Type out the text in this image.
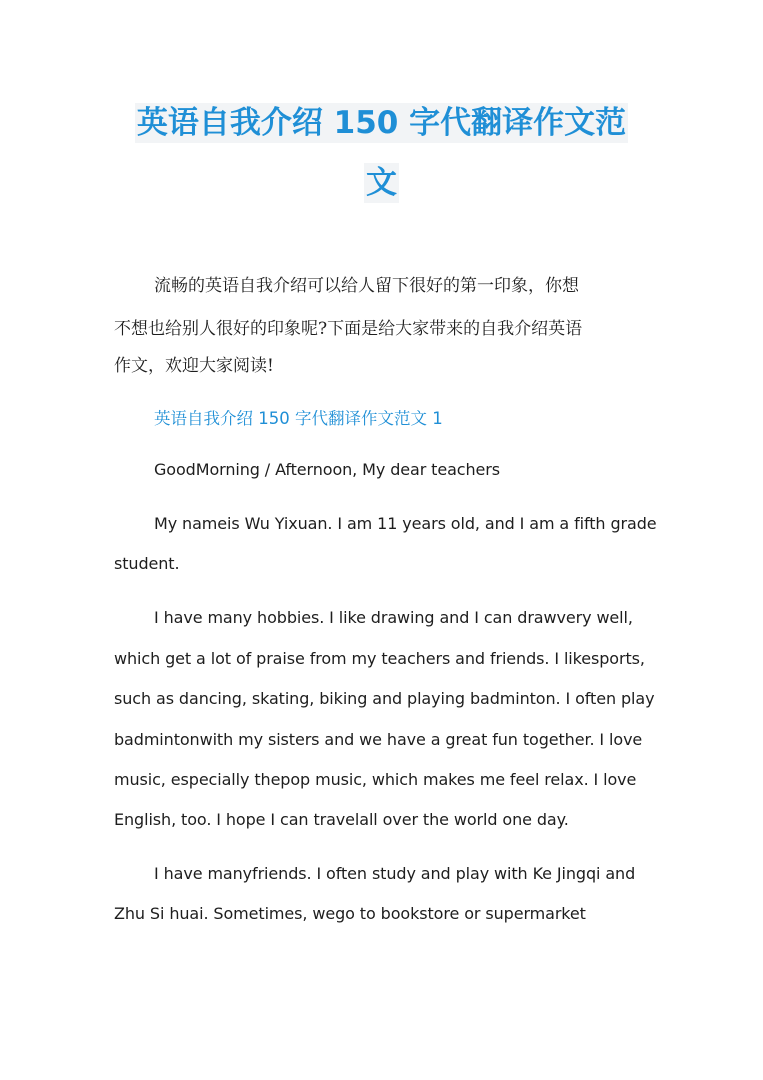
英语自我介绍 150 字代翻译作文范
文
流畅的英语自我介绍可以给人留下很好的第一印象，你想
不想也给别人很好的印象呢?下面是给大家带来的自我介绍英语
作文，欢迎大家阅读!
英语自我介绍 150 字代翻译作文范文 1
GoodMorning / Afternoon, My dear teachers
My nameis Wu Yixuan. I am 11 years old, and I am a fifth grade
student.
I have many hobbies. I like drawing and I can drawvery well,
which get a lot of praise from my teachers and friends. I likesports,
such as dancing, skating, biking and playing badminton. I often play
badmintonwith my sisters and we have a great fun together. I love
music, especially thepop music, which makes me feel relax. I love
English, too. I hope I can travelall over the world one day.
I have manyfriends. I often study and play with Ke Jingqi and
Zhu Si huai. Sometimes, wego to bookstore or supermarket
